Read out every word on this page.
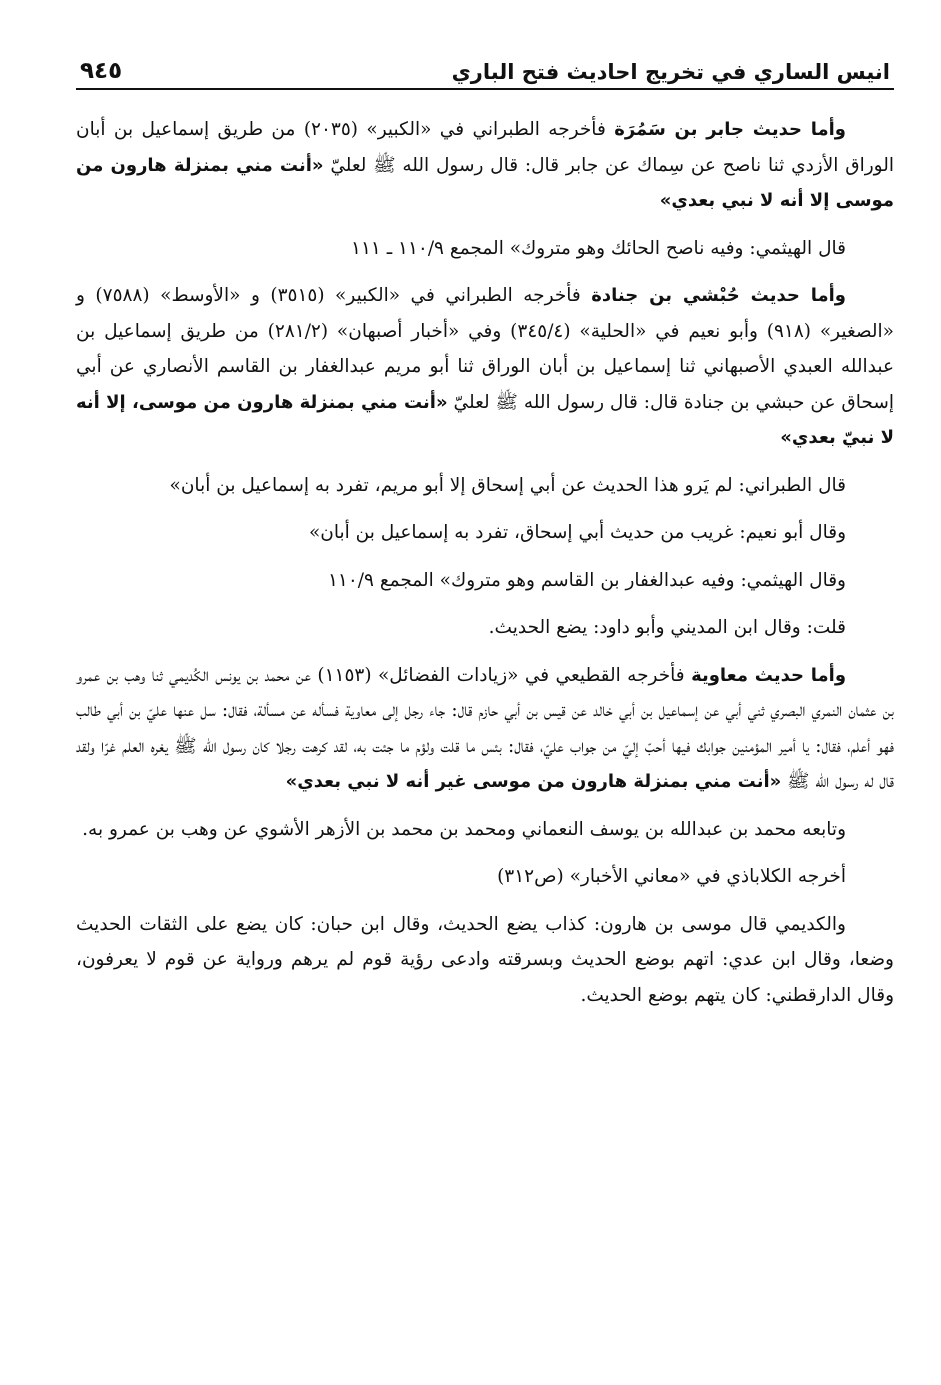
انيس الساري في تخريج احاديث فتح الباري
٩٤٥

وأما حديث جابر بن سَمُرَة فأخرجه الطبراني في «الكبير» (٢٠٣٥) من طريق إسماعيل بن أبان الوراق الأزدي ثنا ناصح عن سِماك عن جابر قال: قال رسول الله ﷺ لعليّ «أنت مني بمنزلة هارون من موسى إلا أنه لا نبي بعدي»

قال الهيثمي: وفيه ناصح الحائك وهو متروك» المجمع ١١٠/٩ ـ ١١١

وأما حديث حُبْشي بن جنادة فأخرجه الطبراني في «الكبير» (٣٥١٥) و «الأوسط» (٧٥٨٨) و «الصغير» (٩١٨) وأبو نعيم في «الحلية» (٣٤٥/٤) وفي «أخبار أصبهان» (٢٨١/٢) من طريق إسماعيل بن عبدالله العبدي الأصبهاني ثنا إسماعيل بن أبان الوراق ثنا أبو مريم عبدالغفار بن القاسم الأنصاري عن أبي إسحاق عن حبشي بن جنادة قال: قال رسول الله ﷺ لعليّ «أنت مني بمنزلة هارون من موسى، إلا أنه لا نبيّ بعدي»

قال الطبراني: لم يَرو هذا الحديث عن أبي إسحاق إلا أبو مريم، تفرد به إسماعيل بن أبان»

وقال أبو نعيم: غريب من حديث أبي إسحاق، تفرد به إسماعيل بن أبان»

وقال الهيثمي: وفيه عبدالغفار بن القاسم وهو متروك» المجمع ١١٠/٩

قلت: وقال ابن المديني وأبو داود: يضع الحديث.

وأما حديث معاوية فأخرجه القطيعي في «زيادات الفضائل» (١١٥٣) عن محمد بن يونس الكُديمي ثنا وهب بن عمرو بن عثمان النمري البصري ثني أبي عن إسماعيل بن أبي خالد عن قيس بن أبي حازم قال: جاء رجل إلى معاوية فسأله عن مسألة، فقال: سل عنها عليّ بن أبي طالب فهو أعلم، فقال: يا أمير المؤمنين جوابك فيها أحبّ إليّ من جواب عليّ، فقال: بئس ما قلت ولؤم ما جئت به، لقد كرهت رجلا كان رسول الله ﷺ يغره العلم غرّا ولقد قال له رسول الله ﷺ «أنت مني بمنزلة هارون من موسى غير أنه لا نبي بعدي»

وتابعه محمد بن عبدالله بن يوسف النعماني ومحمد بن محمد بن الأزهر الأشوي عن وهب بن عمرو به.

أخرجه الكلاباذي في «معاني الأخبار» (ص٣١٢)

والكديمي قال موسى بن هارون: كذاب يضع الحديث، وقال ابن حبان: كان يضع على الثقات الحديث وضعا، وقال ابن عدي: اتهم بوضع الحديث وبسرقته وادعى رؤية قوم لم يرهم ورواية عن قوم لا يعرفون، وقال الدارقطني: كان يتهم بوضع الحديث.
